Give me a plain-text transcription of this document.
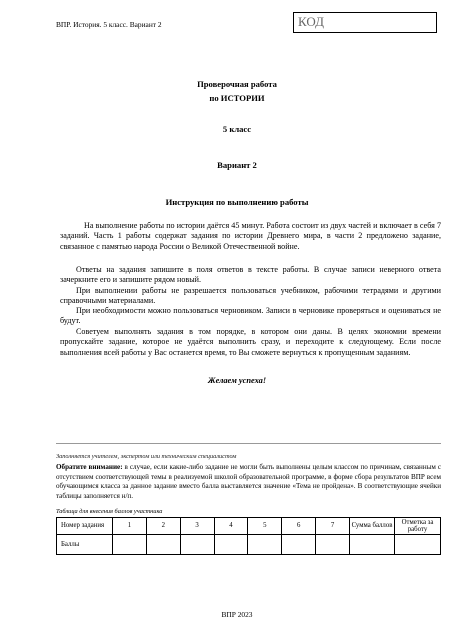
ВПР. История. 5 класс. Вариант 2	КОД
Проверочная работа
по ИСТОРИИ
5 класс
Вариант 2
Инструкция по выполнению работы

На выполнение работы по истории даётся 45 минут. Работа состоит из двух частей и включает в себя 7 заданий. Часть 1 работы содержат задания по истории Древнего мира, в части 2 предложено задание, связанное с памятью народа России о Великой Отечественной войне.

Ответы на задания запишите в поля ответов в тексте работы. В случае записи неверного ответа зачеркните его и запишите рядом новый.

При выполнении работы не разрешается пользоваться учебником, рабочими тетрадями и другими справочными материалами.

При необходимости можно пользоваться черновиком. Записи в черновике проверяться и оцениваться не будут.

Советуем выполнять задания в том порядке, в котором они даны. В целях экономии времени пропускайте задание, которое не удаётся выполнить сразу, и переходите к следующему. Если после выполнения всей работы у Вас останется время, то Вы сможете вернуться к пропущенным заданиям.

Желаем успеха!
Заполняется учителем, экспертом или техническим специалистом

Обратите внимание: в случае, если какие-либо задание не могли быть выполнены целым классом по причинам, связанным с отсутствием соответствующей темы в реализуемой школой образовательной программе, в форме сбора результатов ВПР всем обучающимся класса за данное задание вместо балла выставляется значение «Тема не пройдена». В соответствующие ячейки таблицы заполняется н/п.

Таблица для внесения баллов участника
Номер задания	1	2	3	4	5	6	7	Сумма баллов	Отметка за работу
Баллы									
ВПР 2023
